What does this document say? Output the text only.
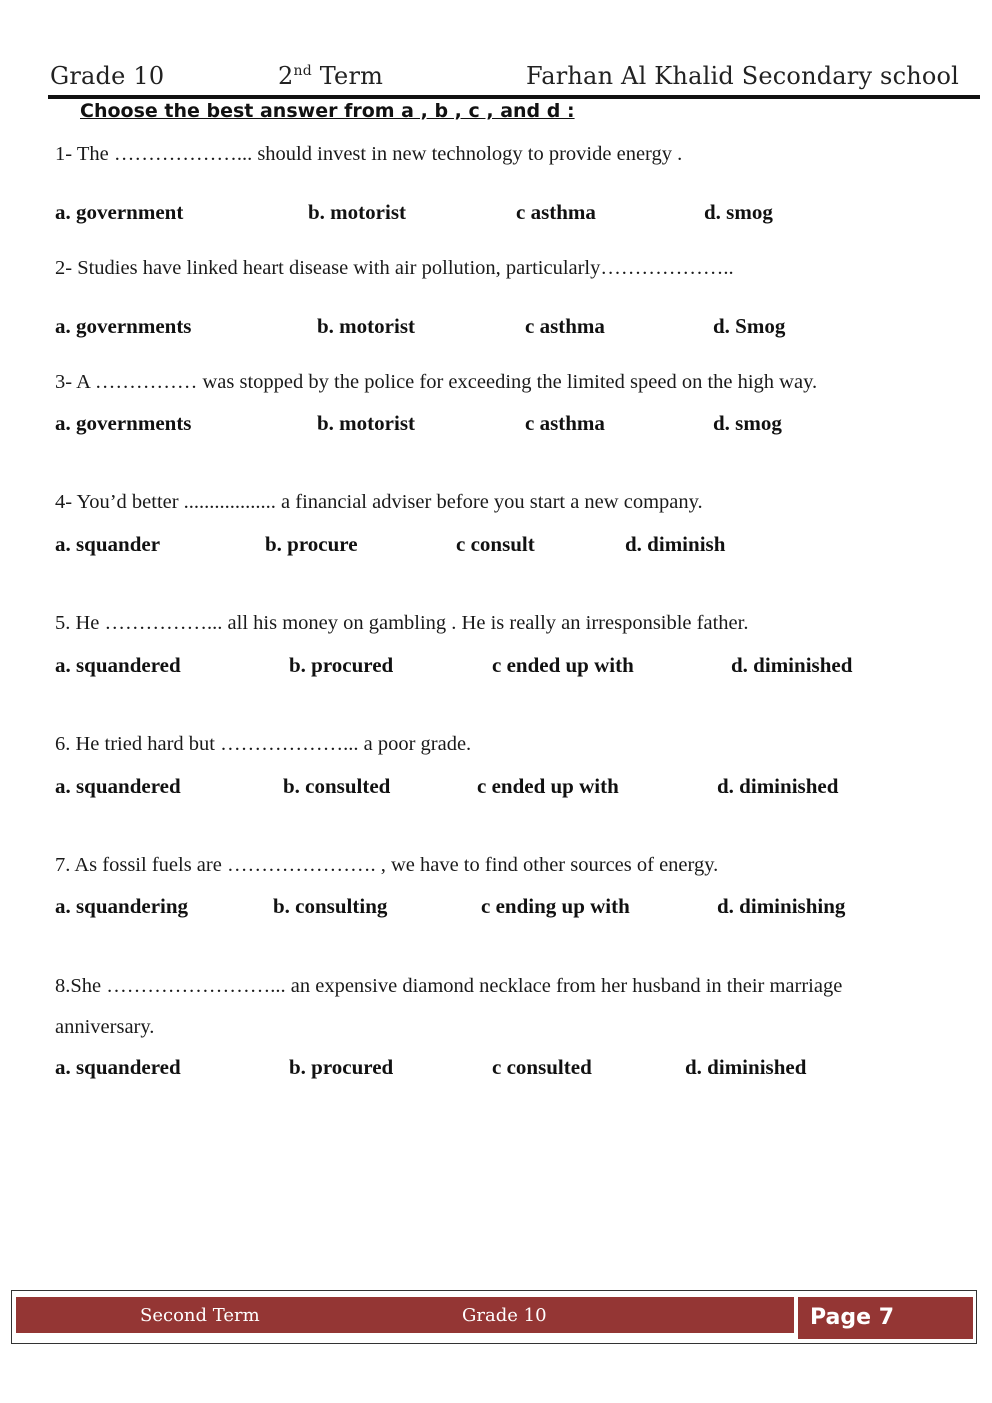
Grade 10	2nd Term	Farhan Al Khalid Secondary school

Choose the best answer from a , b , c , and d :

1- The ………………... should invest in new technology to provide energy .
a. government	b. motorist	c asthma	d. smog
2- Studies have linked heart disease with air pollution, particularly………………..
a. governments	b. motorist	c asthma	d. Smog
3- A …………… was stopped by the police for exceeding the limited speed on the high way.
a. governments	b. motorist	c asthma	d. smog
4- You’d better .................. a financial adviser before you start a new company.
a. squander	b. procure	c consult	d. diminish
5. He ……………... all his money on gambling . He is really an irresponsible father.
a. squandered	b. procured	c ended up with	d. diminished
6. He tried hard but ………………... a poor grade.
a. squandered	b. consulted	c ended up with	d. diminished
7. As fossil fuels are …………………. , we have to find other sources of energy.
a. squandering	b. consulting	c ending up with	d. diminishing
8.She ……………………... an expensive diamond necklace from her husband in their marriage anniversary.
a. squandered	b. procured	c consulted	d. diminished
Second Term	Grade 10	Page 7
